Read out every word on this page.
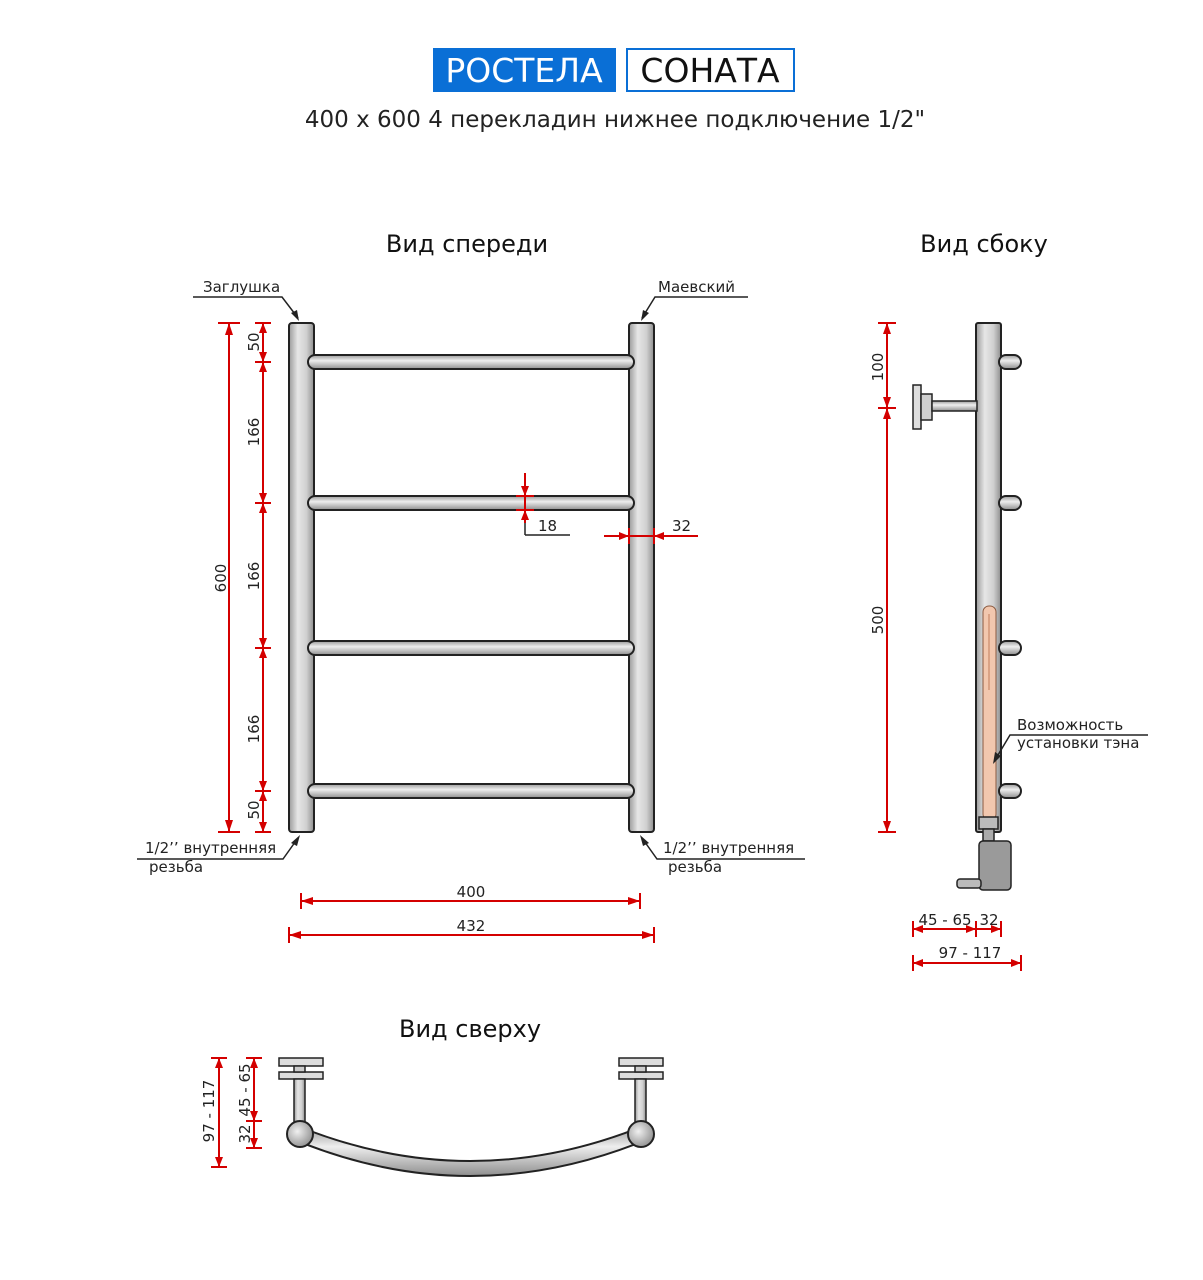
РОСТЕЛА СОНАТА
400 х 600 4 перекладин нижнее подключение 1/2"
Вид спереди
Заглушка	Маевский
1/2’’ внутренняя
резьба
1/2’’ внутренняя
резьба
600
50
166
166
166
50
18	32
400
432
Вид сбоку
Возможность
установки тэна
100
500
45 - 65 32
97 - 117
Вид сверху
97 - 117 45 - 65
32
